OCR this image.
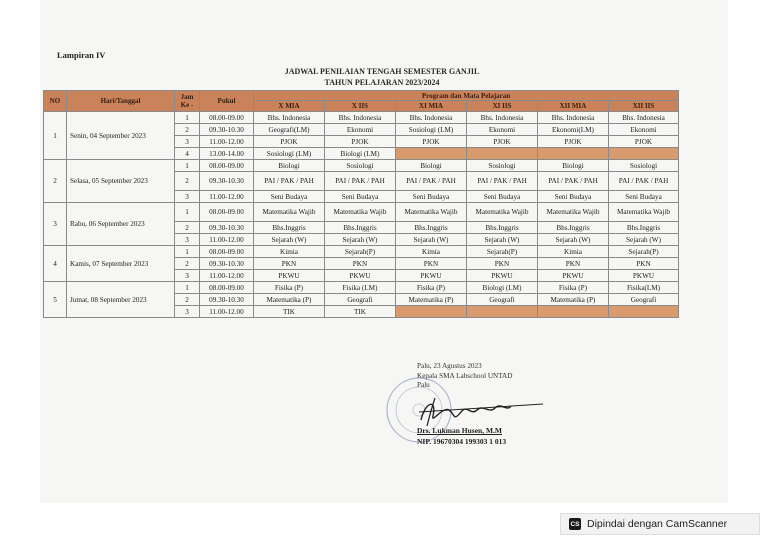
Lampiran IV
JADWAL PENILAIAN TENGAH SEMESTER GANJIL
TAHUN PELAJARAN 2023/2024
NO	Hari/Tanggal	Jam Ke -	Pukul	Program dan Mata Pelajaran					
				X MIA	X IIS	XI MIA	XI IIS	XII MIA	XII IIS
1	Senin, 04 September 2023	1	08.00-09.00	Bhs. Indonesia	Bhs. Indonesia	Bhs. Indonesia	Bhs. Indonesia	Bhs. Indonesia	Bhs. Indonesia
		2	09.30-10.30	Geografi(LM)	Ekonomi	Sosiologi (LM)	Ekonomi	Ekonomi(LM)	Ekonomi
		3	11.00-12.00	PJOK	PJOK	PJOK	PJOK	PJOK	PJOK
		4	13.00-14.00	Sosiologi (LM)	Biologi (LM)				
2	Selasa, 05 September 2023	1	08.00-09.00	Biologi	Sosiologi	Biologi	Sosiologi	Biologi	Sosiologi
		2	09.30-10.30	PAI / PAK / PAH	PAI / PAK / PAH	PAI / PAK / PAH	PAI / PAK / PAH	PAI / PAK / PAH	PAI / PAK / PAH
		3	11.00-12.00	Seni Budaya	Seni Budaya	Seni Budaya	Seni Budaya	Seni Budaya	Seni Budaya
3	Rabu, 06 September 2023	1	08.00-09.00	Matematika Wajib	Matematika Wajib	Matematika Wajib	Matematika Wajib	Matematika Wajib	Matematika Wajib
		2	09.30-10.30	Bhs.Inggris	Bhs.Inggris	Bhs.Inggris	Bhs.Inggris	Bhs.Inggris	Bhs.Inggris
		3	11.00-12.00	Sejarah (W)	Sejarah (W)	Sejarah (W)	Sejarah (W)	Sejarah (W)	Sejarah (W)
4	Kamis, 07 September 2023	1	08.00-09.00	Kimia	Sejarah(P)	Kimia	Sejarah(P)	Kimia	Sejarah(P)
		2	09.30-10.30	PKN	PKN	PKN	PKN	PKN	PKN
		3	11.00-12.00	PKWU	PKWU	PKWU	PKWU	PKWU	PKWU
5	Jumat, 08 September 2023	1	08.00-09.00	Fisika (P)	Fisika (LM)	Fisika (P)	Biologi (LM)	Fisika (P)	Fisika(LM)
		2	09.30-10.30	Matematika (P)	Geografi	Matematika (P)	Geografi	Matematika (P)	Geografi
		3	11.00-12.00	TIK	TIK				
Palu, 23 Agustus 2023
Kepala SMA Labschool UNTAD
Palu
Drs. Lukman Husen, M.M
NIP. 19670304 199303 1 013
CS Dipindai dengan CamScanner
